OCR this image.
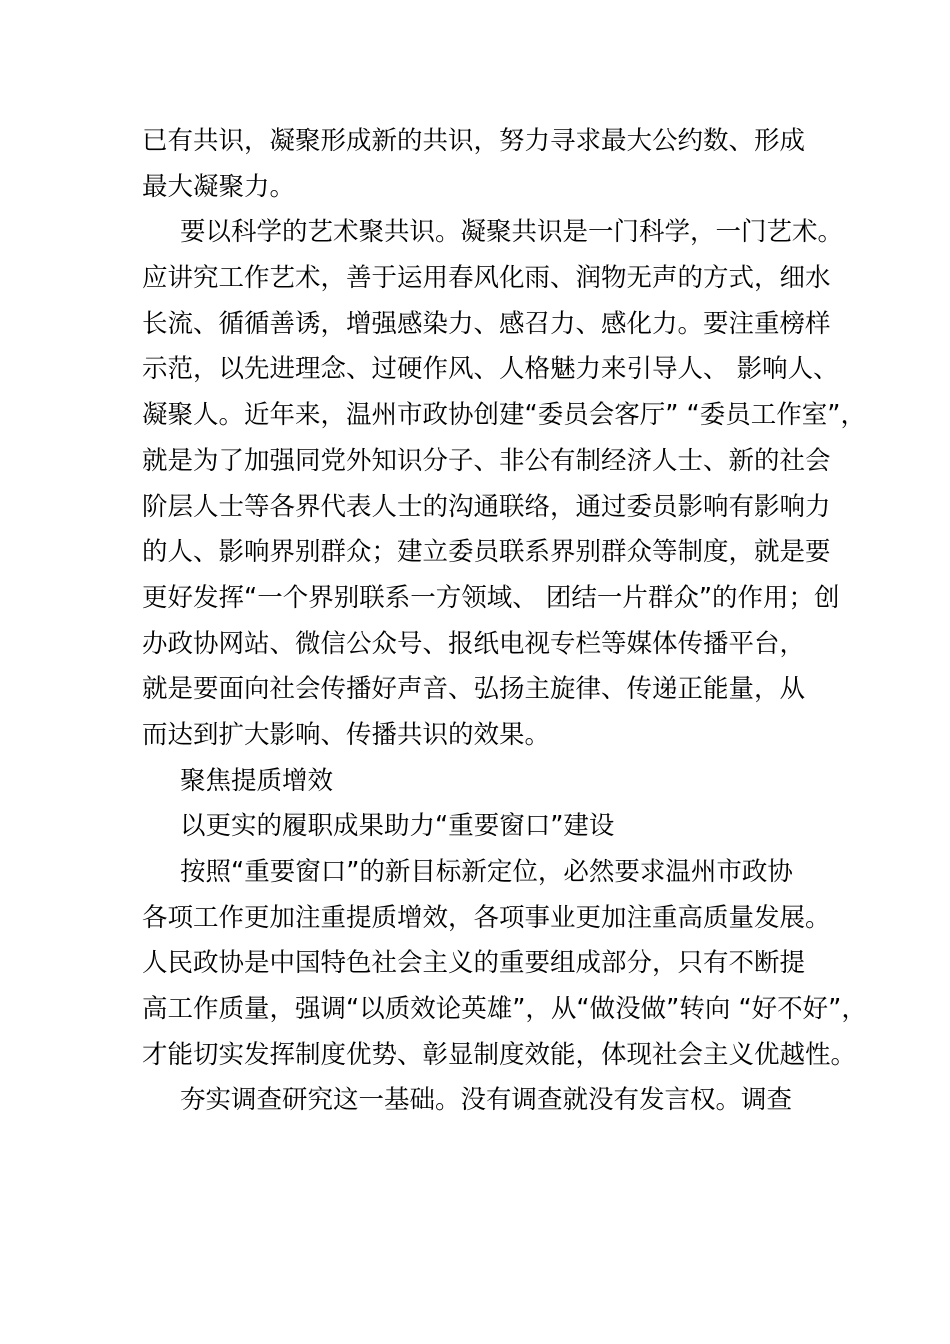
已有共识，凝聚形成新的共识，努力寻求最大公约数、形成
最大凝聚力。
要以科学的艺术聚共识。凝聚共识是一门科学，一门艺术。
应讲究工作艺术，善于运用春风化雨、润物无声的方式，细水
长流、循循善诱，增强感染力、感召力、感化力。要注重榜样
示范，以先进理念、过硬作风、人格魅力来引导人、 影响人、
凝聚人。近年来，温州市政协创建“委员会客厅” “委员工作室”，
就是为了加强同党外知识分子、非公有制经济人士、新的社会
阶层人士等各界代表人士的沟通联络，通过委员影响有影响力
的人、影响界别群众；建立委员联系界别群众等制度，就是要
更好发挥“一个界别联系一方领域、 团结一片群众”的作用；创
办政协网站、微信公众号、报纸电视专栏等媒体传播平台，
就是要面向社会传播好声音、弘扬主旋律、传递正能量，从
而达到扩大影响、传播共识的效果。
聚焦提质增效
以更实的履职成果助力“重要窗口”建设
按照“重要窗口”的新目标新定位，必然要求温州市政协
各项工作更加注重提质增效，各项事业更加注重高质量发展。
人民政协是中国特色社会主义的重要组成部分，只有不断提
高工作质量，强调“以质效论英雄”，从“做没做”转向 “好不好”，
才能切实发挥制度优势、彰显制度效能，体现社会主义优越性。
夯实调查研究这一基础。没有调查就没有发言权。调查
